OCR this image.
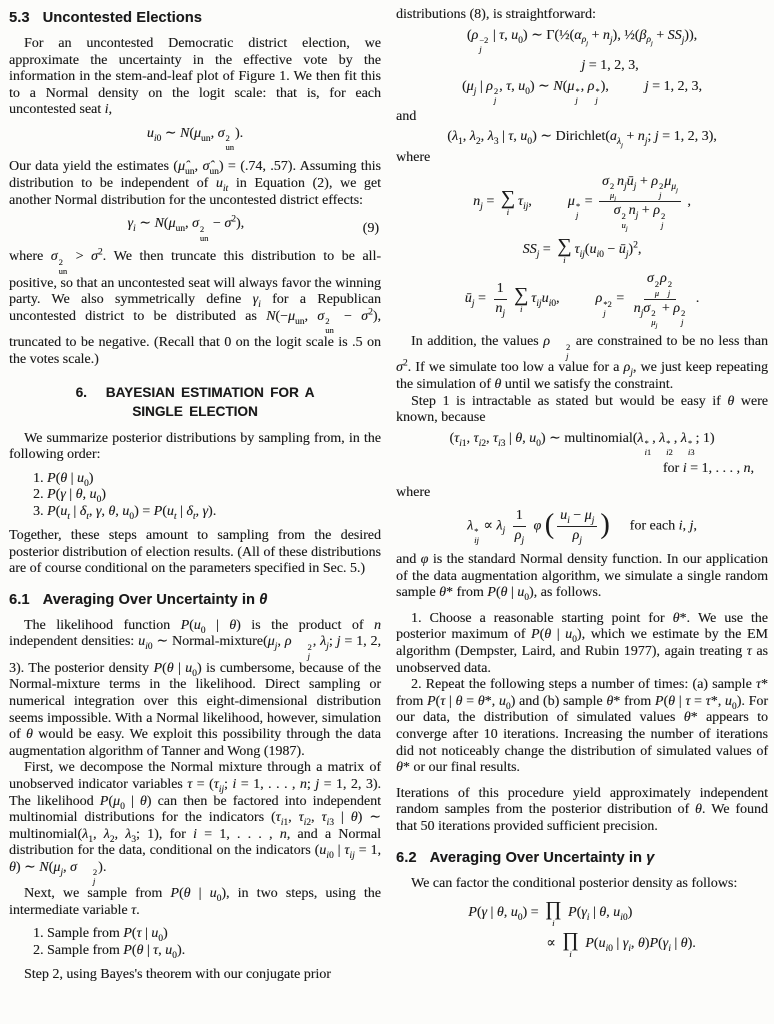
5.3 Uncontested Elections

For an uncontested Democratic district election, we approximate the uncertainty in the effective vote by the information in the stem-and-leaf plot of Figure 1. We then fit this to a Normal density on the logit scale: that is, for each uncontested seat i,

$u_{i0}$ ∼ $N(\mu_{un}$, σ 2
un
).

Our data yield the estimates ($\mû_{un}$, $\sigmâ_{un}) = (.74$, .57). Assuming this distribution to be independent of $u_{it}$ in Equation (2), we get another Normal distribution for the uncontested district effects:

$\gamma_i$ ∼ $N(\mu_{un}$, σ 2
un
− $\sigma^2$),	(9)

where σ 2
un
> $\sigma^2$. We then truncate this distribution to be all-positive, so that an uncontested seat will always favor the winning party. We also symmetrically define $\gamma_i$ for a Republican uncontested district to be distributed as $N(-\mu_{un}$, σ 2
un
− $\sigma^2$), truncated to be negative. (Recall that 0 on the logit scale is .5 on the votes scale.)

6.   BAYESIAN ESTIMATION FOR A
SINGLE ELECTION

We summarize posterior distributions by sampling from, in the following order:

1. P(θ | $u_0$)
2. P(γ | θ, $u_0$)
3. $P(u_t$ | $\delta_t$, γ, θ, $u_0) = P(u_t$ | $\delta_t$, γ).

Together, these steps amount to sampling from the desired posterior distribution of election results. (All of these distributions are of course conditional on the parameters specified in Sec. 5.)

6.1 Averaging Over Uncertainty in θ

The likelihood function $P(u_0$ | θ) is the product of n independent densities: $u_{i0}$ ∼ Normal-$mixture(\mu_j$, ρ	2
j
, $\lambda_j$; j = 1, 2, 3). The posterior density P(θ | $u_0$) is cumbersome, because of the Normal-mixture terms in the likelihood. Direct sampling or numerical integration over this eight-dimensional distribution seems impossible. With a Normal likelihood, however, simulation of θ would be easy. We exploit this possibility through the data augmentation algorithm of Tanner and Wong (1987).

First, we decompose the Normal mixture through a matrix of unobserved indicator variables $\tau = (\tau_{ij}$; i = 1, . . . , n; j = 1, 2, 3). The likelihood $P(\mu_0$ | θ) can then be factored into independent multinomial distributions for the indicators ($\tau_{i1}$, $\tau_{i2}$, $\tau_{i3}$ | θ) ∼ $multinomial(\lambda_1$, $\lambda_2$, $\lambda_3$; 1), for i = 1, . . . , n, and a Normal distribution for the data, conditional on the indicators ($u_{i0}$ | $\tau_{ij} = 1$, θ) ∼ $N(\mu_j$, σ	2
j
).

Next, we sample from P(θ | $u_0$), in two steps, using the intermediate variable τ.

1. Sample from P(τ | $u_0$)
2. Sample from P(θ | τ, $u_0$).

Step 2, using Bayes's theorem with our conjugate prior

distributions (8), is straightforward:

(ρ −2
j
| τ, $u_0$) ∼ $\Gamma(\frac{1}{2}(\alpha_{\rho_j} + n_j)$, $\frac{1}{2}(\beta_{\rho_j} + SS_j)$),
j = 1, 2, 3,
($\mu_j$ | ρ 2
j
, τ, $u_0$) ∼ N(μ *
j
, ρ *
j
),	j = 1, 2, 3,

and

($\lambda_1$, $\lambda_2$, $\lambda_3$ | τ, $u_0$) ∼ $Dirichlet(a_{\lambda_j} + n_j$; j = 1, 2, 3),

where

$n_j$ = ∑
i
$\tau_{ij}$,	μ *
j
= σ 2
$\mu_j$
$n_jū_j + \rho$ 2
j
$\mu_{\mu_j}$
σ 2
$u_j$
$n_j + \rho$ 2
j ,
$SS_j$ = ∑
i
$\tau_{ij}(u_{i0}$ − $ū_j)^2$,
$ū_j = \frac{1}{n_j}$ ∑
i
$\tau_{ij}u_{i0}$,	ρ *2
j
= σ 2
μ
ρ 2
j
$n_j\sigma$ 2
$\mu_j$
+ ρ 2
j .

In addition, the values ρ	2
j
are constrained to be no less than $\sigma^2$. If we simulate too low a value for a $\rho_j$, we just keep repeating the simulation of θ until we satisfy the constraint.

Step 1 is intractable as stated but would be easy if θ were known, because

($\tau_{i1}$, $\tau_{i2}$, $\tau_{i3}$ | θ, $u_0$) ∼ multinomial(λ *
i1
, λ *
i2
, λ *
i3
; 1)
for i = 1, . . . , n,

where

λ *
ij
∝ $\lambda_j \frac{1}{\rho_j}$ φ ( $\frac{u_i - \mu_j}{\rho_j}$ ) for each i, j,

and φ is the standard Normal density function. In our application of the data augmentation algorithm, we simulate a single random sample θ* from P(θ | $u_0$), as follows.

1. Choose a reasonable starting point for θ*. We use the posterior maximum of P(θ | $u_0$), which we estimate by the EM algorithm (Dempster, Laird, and Rubin 1977), again treating τ as unobserved data.

2. Repeat the following steps a number of times: (a) sample τ* from P(τ | θ = θ*, $u_0$) and (b) sample θ* from P(θ | τ = τ*, $u_0$). For our data, the distribution of simulated values θ* appears to converge after 10 iterations. Increasing the number of iterations did not noticeably change the distribution of simulated values of θ* or our final results.

Iterations of this procedure yield approximately independent random samples from the posterior distribution of θ. We found that 50 iterations provided sufficient precision.

6.2 Averaging Over Uncertainty in γ

We can factor the conditional posterior density as follows:

P(γ | θ, $u_0$) = ∏
i
$P(\gamma_i$ | θ, $u_{i0}$)
∝ ∏
i
$P(u_{i0}$ | $\gamma_i$, $\theta)P(\gamma_i$ | θ).
